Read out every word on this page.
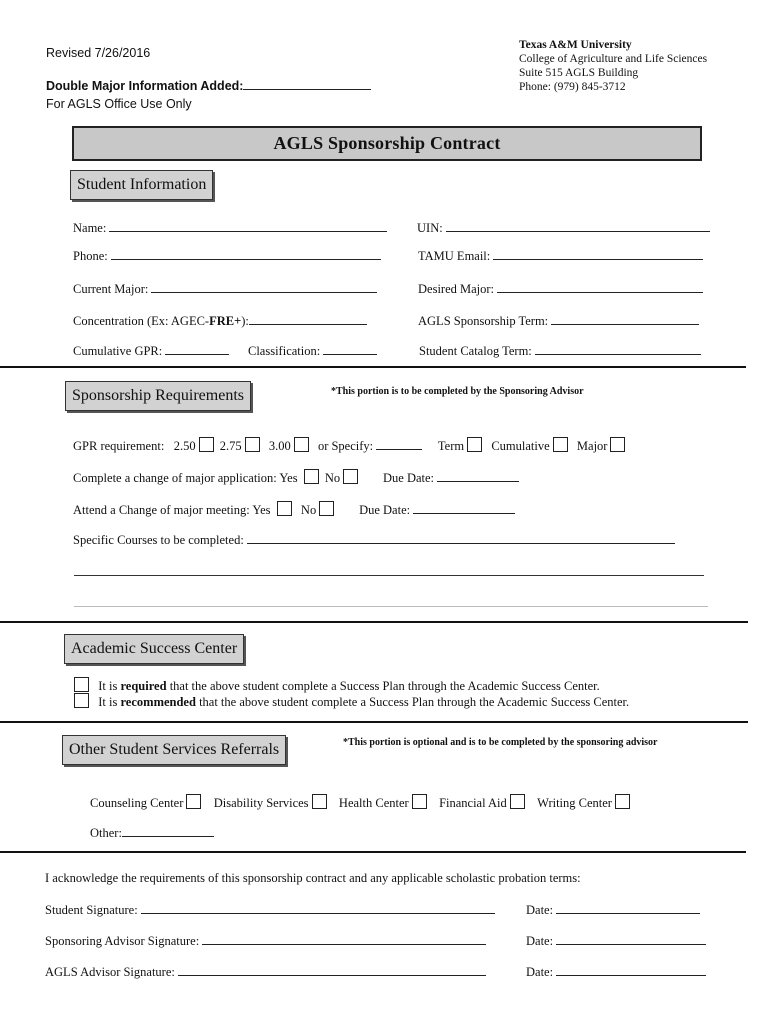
Revised 7/26/2016
Double Major Information Added:
For AGLS Office Use Only
Texas A&M University
College of Agriculture and Life Sciences
Suite 515 AGLS Building
Phone: (979) 845-3712
AGLS Sponsorship Contract
Student Information
Name:	UIN:
Phone:	TAMU Email:
Current Major:	Desired Major:
Concentration (Ex: AGEC-FRE+):	AGLS Sponsorship Term:
Cumulative GPR:	Classification:	Student Catalog Term:
Sponsorship Requirements	*This portion is to be completed by the Sponsoring Advisor
GPR requirement: 2.50 2.75 3.00 or Specify:	Term Cumulative Major
Complete a change of major application: Yes No	Due Date:
Attend a Change of major meeting: Yes No	Due Date:
Specific Courses to be completed:
Academic Success Center
It is required that the above student complete a Success Plan through the Academic Success Center.
It is recommended that the above student complete a Success Plan through the Academic Success Center.
Other Student Services Referrals	*This portion is optional and is to be completed by the sponsoring advisor
Counseling Center Disability Services Health Center Financial Aid Writing Center
Other:
I acknowledge the requirements of this sponsorship contract and any applicable scholastic probation terms:
Student Signature:	Date:
Sponsoring Advisor Signature:	Date:
AGLS Advisor Signature:	Date:
